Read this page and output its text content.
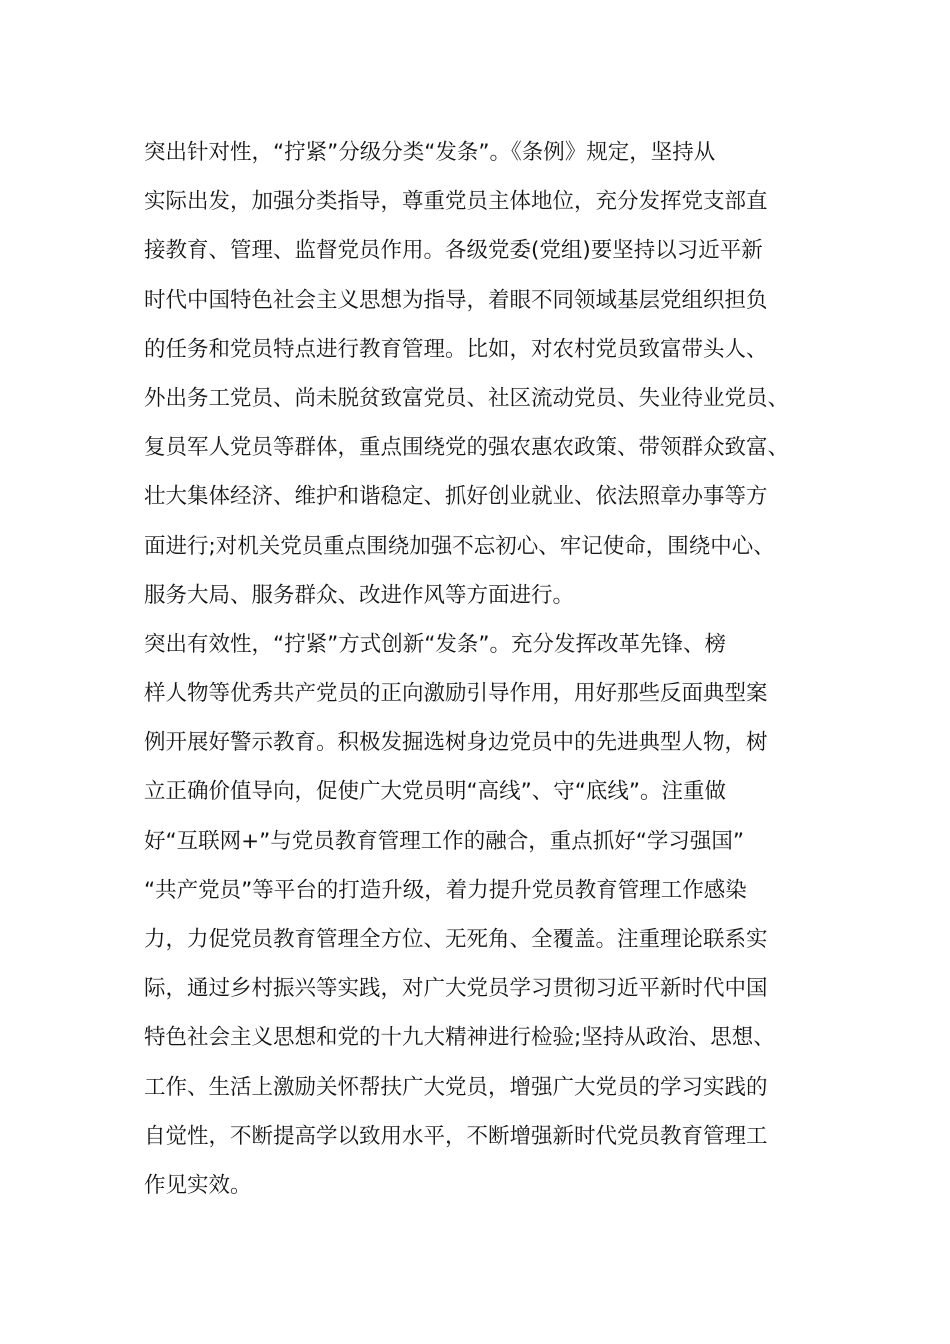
突出针对性，“拧紧”分级分类“发条”。《条例》规定，坚持从
实际出发，加强分类指导，尊重党员主体地位，充分发挥党支部直
接教育、管理、监督党员作用。各级党委(党组)要坚持以习近平新
时代中国特色社会主义思想为指导，着眼不同领域基层党组织担负
的任务和党员特点进行教育管理。比如，对农村党员致富带头人、
外出务工党员、尚未脱贫致富党员、社区流动党员、失业待业党员、
复员军人党员等群体，重点围绕党的强农惠农政策、带领群众致富、
壮大集体经济、维护和谐稳定、抓好创业就业、依法照章办事等方
面进行;对机关党员重点围绕加强不忘初心、牢记使命，围绕中心、
服务大局、服务群众、改进作风等方面进行。
突出有效性，“拧紧”方式创新“发条”。充分发挥改革先锋、榜
样人物等优秀共产党员的正向激励引导作用，用好那些反面典型案
例开展好警示教育。积极发掘选树身边党员中的先进典型人物，树
立正确价值导向，促使广大党员明“高线”、守“底线”。注重做
好“互联网+”与党员教育管理工作的融合，重点抓好“学习强国”
“共产党员”等平台的打造升级，着力提升党员教育管理工作感染
力，力促党员教育管理全方位、无死角、全覆盖。注重理论联系实
际，通过乡村振兴等实践，对广大党员学习贯彻习近平新时代中国
特色社会主义思想和党的十九大精神进行检验;坚持从政治、思想、
工作、生活上激励关怀帮扶广大党员，增强广大党员的学习实践的
自觉性，不断提高学以致用水平，不断增强新时代党员教育管理工
作见实效。
